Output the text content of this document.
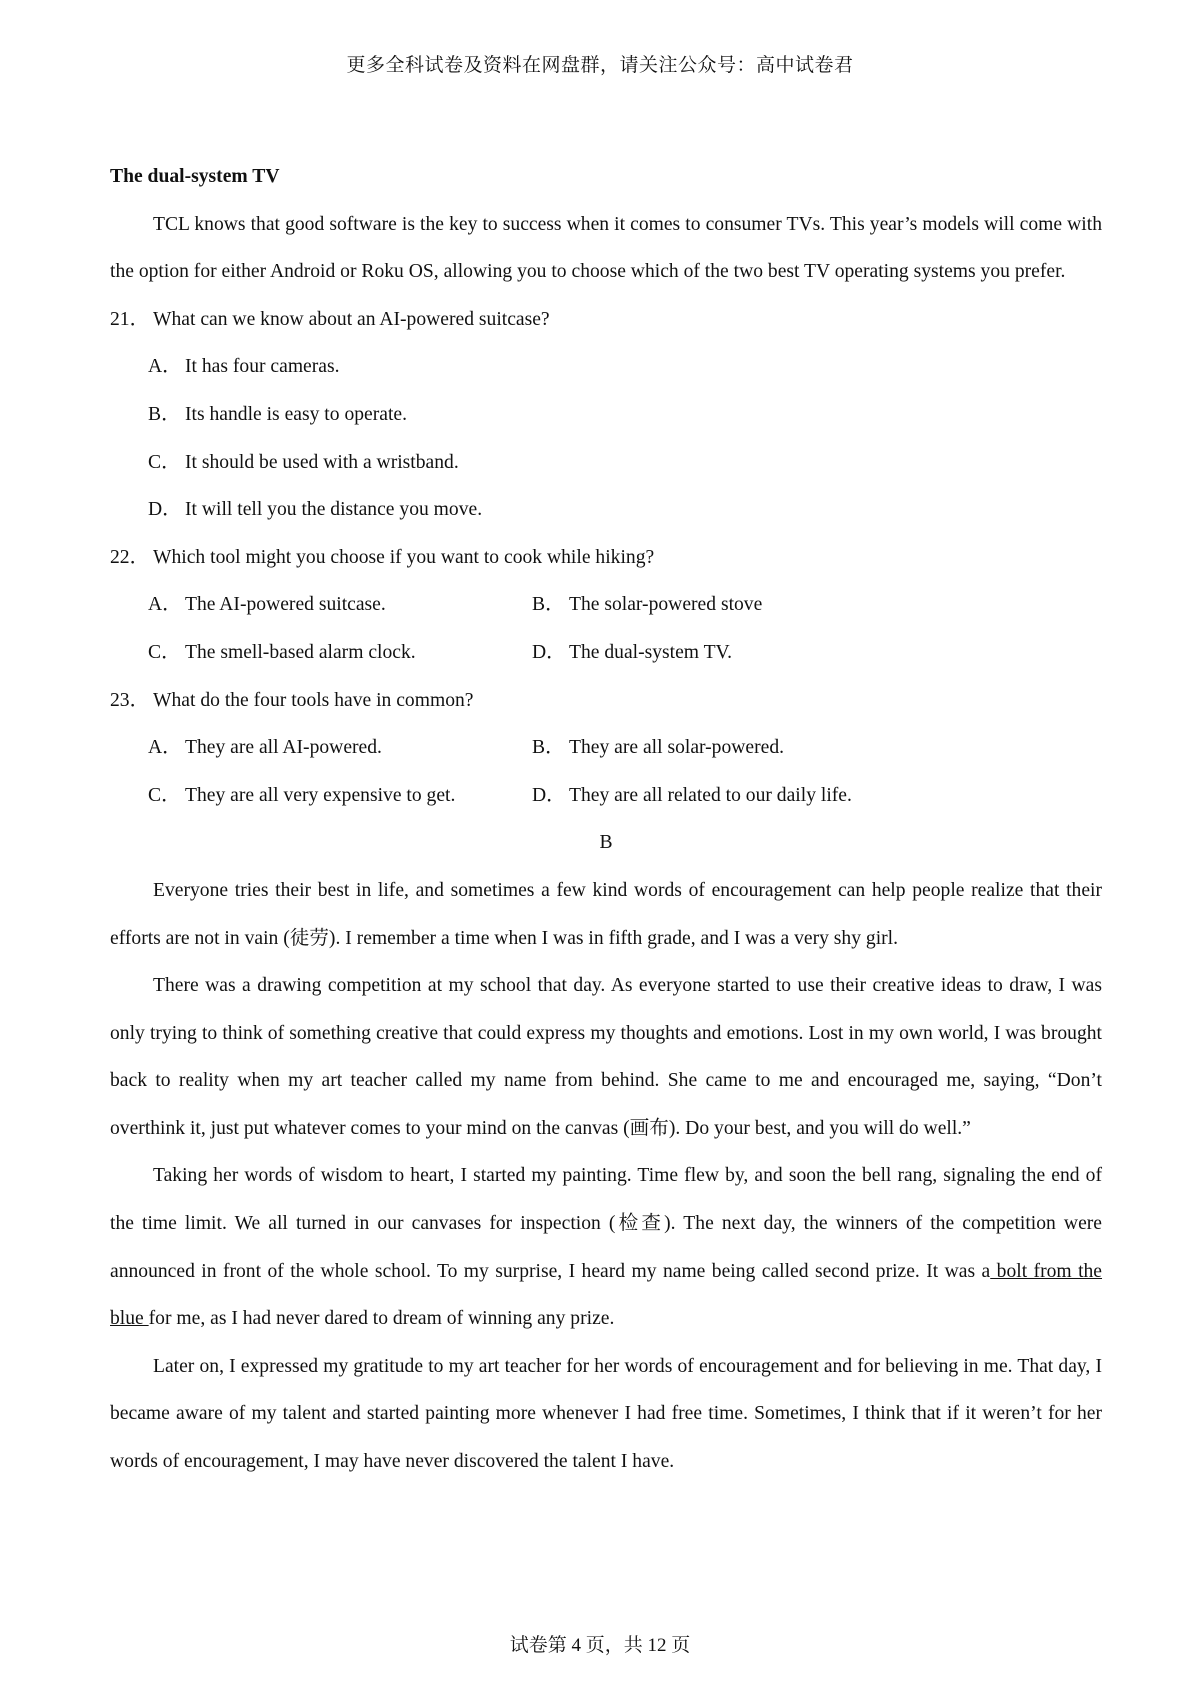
更多全科试卷及资料在网盘群，请关注公众号：高中试卷君
The dual-system TV

TCL knows that good software is the key to success when it comes to consumer TVs. This year’s models will come with the option for either Android or Roku OS, allowing you to choose which of the two best TV operating systems you prefer.

21． What can we know about an AI-powered suitcase?
A． It has four cameras.
B． Its handle is easy to operate.
C． It should be used with a wristband.
D． It will tell you the distance you move.
22． Which tool might you choose if you want to cook while hiking?
A． The AI-powered suitcase.	B． The solar-powered stove
C． The smell-based alarm clock.	D． The dual-system TV.
23． What do the four tools have in common?
A． They are all AI-powered.	B． They are all solar-powered.
C． They are all very expensive to get.	D． They are all related to our daily life.
B

Everyone tries their best in life, and sometimes a few kind words of encouragement can help people realize that their efforts are not in vain (徒劳). I remember a time when I was in fifth grade, and I was a very shy girl.

There was a drawing competition at my school that day. As everyone started to use their creative ideas to draw, I was only trying to think of something creative that could express my thoughts and emotions. Lost in my own world, I was brought back to reality when my art teacher called my name from behind. She came to me and encouraged me, saying, “Don’t overthink it, just put whatever comes to your mind on the canvas (画布). Do your best, and you will do well.”

Taking her words of wisdom to heart, I started my painting. Time flew by, and soon the bell rang, signaling the end of the time limit. We all turned in our canvases for inspection (检查). The next day, the winners of the competition were announced in front of the whole school. To my surprise, I heard my name being called second prize. It was a bolt from the blue for me, as I had never dared to dream of winning any prize.

Later on, I expressed my gratitude to my art teacher for her words of encouragement and for believing in me. That day, I became aware of my talent and started painting more whenever I had free time. Sometimes, I think that if it weren’t for her words of encouragement, I may have never discovered the talent I have.

试卷第 4 页，共 12 页
